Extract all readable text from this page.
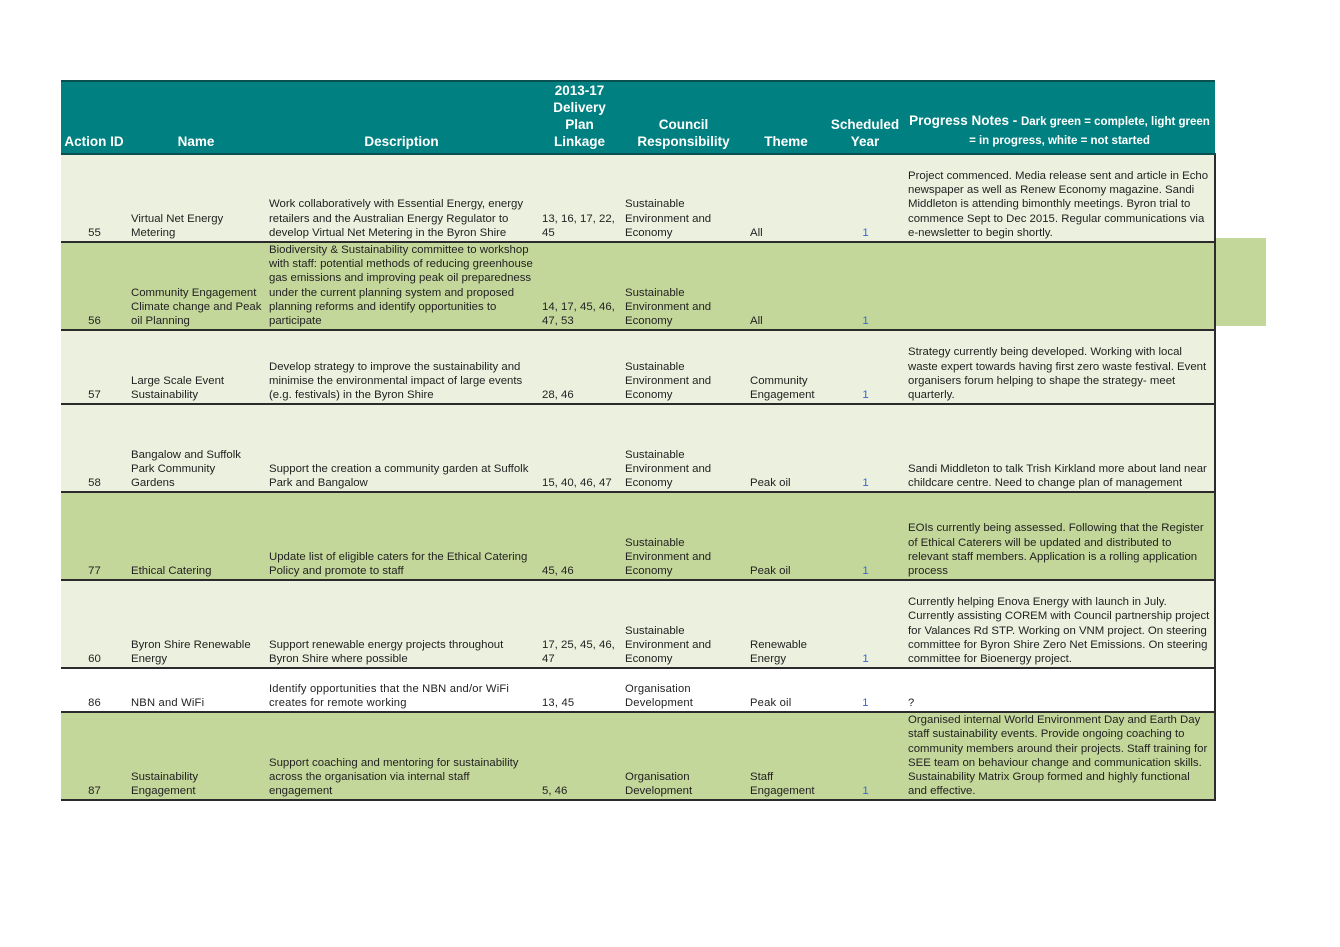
Action ID	Name	Description	2013-17 Delivery Plan Linkage	Council Responsibility	Theme	Scheduled Year	Progress Notes - Dark green = complete, light green = in progress, white = not started
55	Virtual Net Energy Metering	Work collaboratively with Essential Energy, energy retailers and the Australian Energy Regulator to develop Virtual Net Metering in the Byron Shire	13, 16, 17, 22, 45	Sustainable Environment and Economy	All	1	Project commenced. Media release sent and article in Echo newspaper as well as Renew Economy magazine. Sandi Middleton is attending bimonthly meetings. Byron trial to commence Sept to Dec 2015. Regular communications via e-newsletter to begin shortly.
56	Community Engagement Climate change and Peak oil Planning	Biodiversity & Sustainability committee to workshop with staff: potential methods of reducing greenhouse gas emissions and improving peak oil preparedness under the current planning system and proposed planning reforms and identify opportunities to participate	14, 17, 45, 46, 47, 53	Sustainable Environment and Economy	All	1	
57	Large Scale Event Sustainability	Develop strategy to improve the sustainability and minimise the environmental impact of large events (e.g. festivals) in the Byron Shire	28, 46	Sustainable Environment and Economy	Community Engagement	1	Strategy currently being developed. Working with local waste expert towards having first zero waste festival. Event organisers forum helping to shape the strategy- meet quarterly.
58	Bangalow and Suffolk Park Community Gardens	Support the creation a community garden at Suffolk Park and Bangalow	15, 40, 46, 47	Sustainable Environment and Economy	Peak oil	1	Sandi Middleton to talk Trish Kirkland more about land near childcare centre. Need to change plan of management
77	Ethical Catering	Update list of eligible caters for the Ethical Catering Policy and promote to staff	45, 46	Sustainable Environment and Economy	Peak oil	1	EOIs currently being assessed. Following that the Register of Ethical Caterers will be updated and distributed to relevant staff members. Application is a rolling application process
60	Byron Shire Renewable Energy	Support renewable energy projects throughout Byron Shire where possible	17, 25, 45, 46, 47	Sustainable Environment and Economy	Renewable Energy	1	Currently helping Enova Energy with launch in July. Currently assisting COREM with Council partnership project for Valances Rd STP. Working on VNM project. On steering committee for Byron Shire Zero Net Emissions. On steering committee for Bioenergy project.
86	NBN and WiFi	Identify opportunities that the NBN and/or WiFi creates for remote working	13, 45	Organisation Development	Peak oil	1	?
87	Sustainability Engagement	Support coaching and mentoring for sustainability across the organisation via internal staff engagement	5, 46	Organisation Development	Staff Engagement	1	Organised internal World Environment Day and Earth Day staff sustainability events. Provide ongoing coaching to community members around their projects. Staff training for SEE team on behaviour change and communication skills. Sustainability Matrix Group formed and highly functional and effective.
